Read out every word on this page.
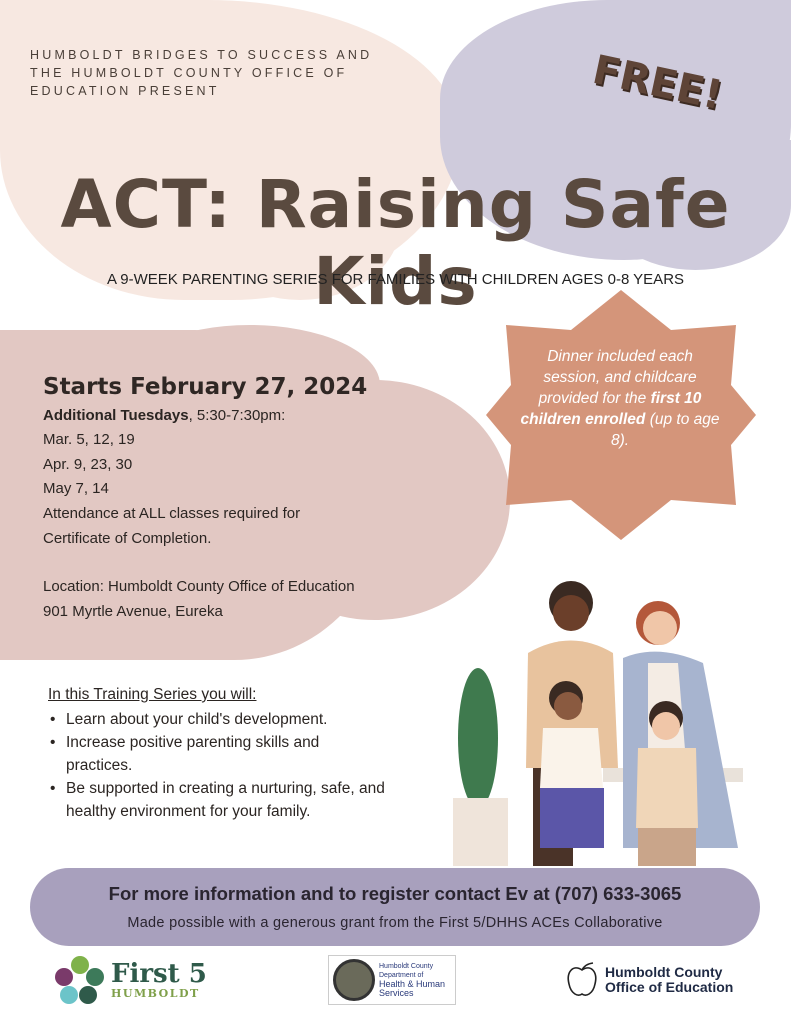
HUMBOLDT BRIDGES TO SUCCESS AND
THE HUMBOLDT COUNTY OFFICE OF
EDUCATION PRESENT	FREE!
ACT: Raising Safe Kids
A 9-WEEK PARENTING SERIES FOR FAMILIES WITH CHILDREN AGES 0-8 YEARS
Starts February 27, 2024
Additional Tuesdays, 5:30-7:30pm:
Mar. 5, 12, 19
Apr. 9, 23, 30
May 7, 14
Attendance at ALL classes required for
Certificate of Completion.
Location: Humboldt County Office of Education
901 Myrtle Avenue, Eureka
Dinner included each session, and childcare provided for the first 10 children enrolled (up to age 8).
In this Training Series you will:
• Learn about your child's development.
• Increase positive parenting skills and practices.
• Be supported in creating a nurturing, safe, and healthy environment for your family.
For more information and to register contact Ev at (707) 633-3065
Made possible with a generous grant from the First 5/DHHS ACEs Collaborative
First 5
HUMBOLDT
Humboldt County
Department of
Health & Human
Services
Humboldt County
Office of Education
